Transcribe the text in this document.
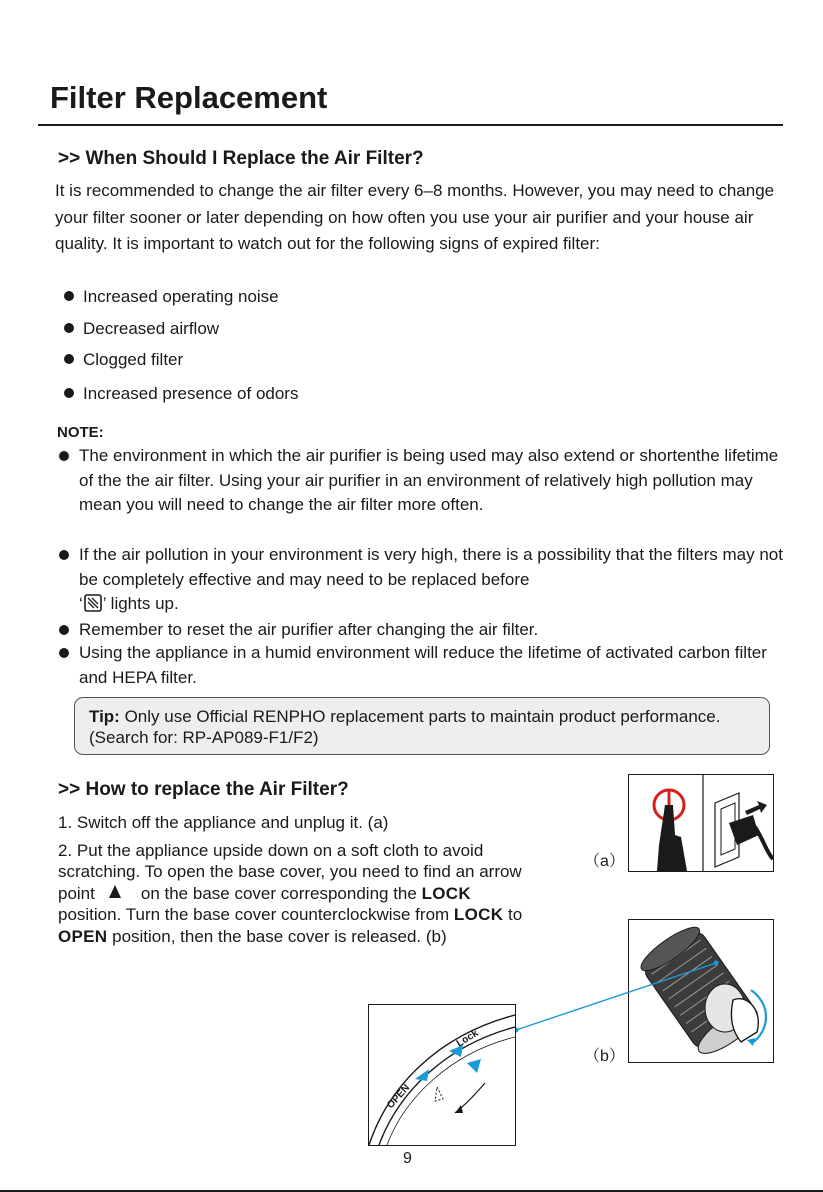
Filter Replacement
>> When Should I Replace the Air Filter?
It is recommended to change the air filter every 6–8 months. However, you may need to change your filter sooner or later depending on how often you use your air purifier and your house air quality. It is important to watch out for the following signs of expired filter:
Increased operating noise
Decreased airflow
Clogged filter
Increased presence of odors
NOTE:
The environment in which the air purifier is being used may also extend or shortenthe lifetime of the the air filter. Using your air purifier in an environment of relatively high pollution may mean you will need to change the air filter more often.
If the air pollution in your environment is very high, there is a possibility that the filters may not be completely effective and may need to be replaced before
‘ ’ lights up.
Remember to reset the air purifier after changing the air filter.
Using the appliance in a humid environment will reduce the lifetime of activated carbon filter and HEPA filter.
Tip: Only use Official RENPHO replacement parts to maintain product performance.(Search for: RP-AP089-F1/F2)
>> How to replace the Air Filter?
1. Switch off the appliance and unplug it. (a)
2. Put the appliance upside down on a soft cloth to avoid scratching. To open the base cover, you need to find an arrow point	on the base cover corresponding the LOCK position. Turn the base cover counterclockwise from LOCK to OPEN position, then the base cover is released. (b)
（a）
（b）
OPEN
Lock
9
